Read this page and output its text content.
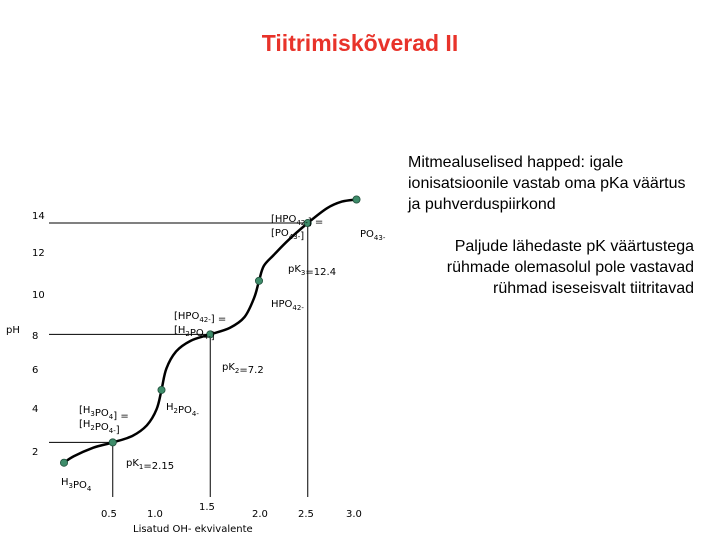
Tiitrimiskõverad II
Mitmealuselised happed: igale ionisatsioonile vastab oma pKa väärtus ja puhverduspiirkond
Paljude lähedaste pK väärtustega rühmade olemasolul pole vastavad rühmad iseseisvalt tiitritavad
2
4
6
8
10
12
14
0.5	1.0
1.5
2.0	2.5	3.0
pH
Lisatud OH- ekvivalente
$H_3PO_4$
$pK_1=2.15$
$[H_3PO_4]$ =
$[H_2PO_{4-}]$
$H_2PO_{4-}$
$pK_2=7.2$
$[HPO_{42-}]$ =
$[H_2PO_{4-}]$
$HPO_{42-}$
$pK_3=12.4$
$[HPO_{42-}]$ =
$[PO_{43-}]$	$PO_{43-}$
